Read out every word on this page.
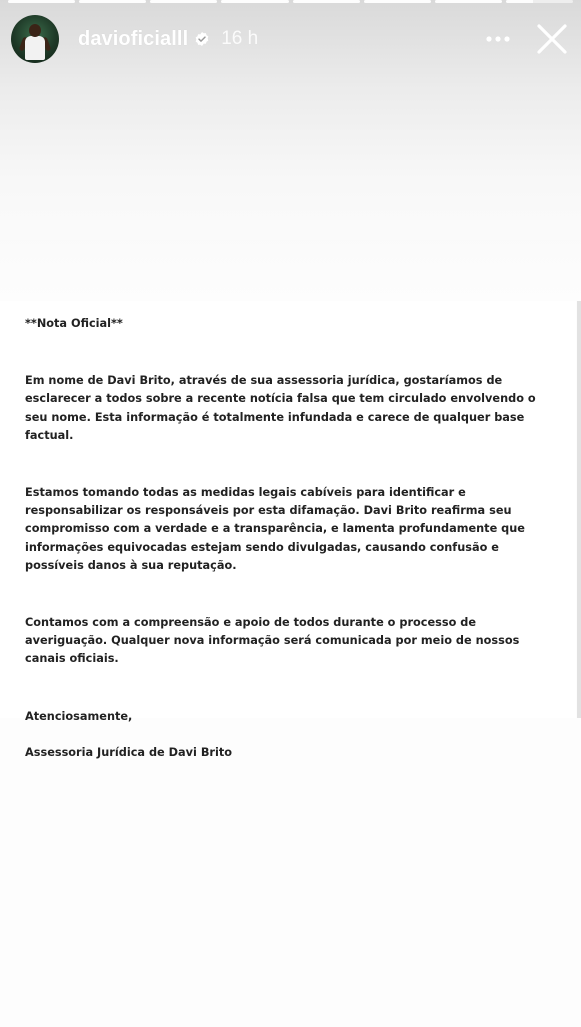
davioficialll 16 h

**Nota Oficial**

Em nome de Davi Brito, através de sua assessoria jurídica, gostaríamos de esclarecer a todos sobre a recente notícia falsa que tem circulado envolvendo o seu nome. Esta informação é totalmente infundada e carece de qualquer base factual.

Estamos tomando todas as medidas legais cabíveis para identificar e responsabilizar os responsáveis por esta difamação. Davi Brito reafirma seu compromisso com a verdade e a transparência, e lamenta profundamente que informações equivocadas estejam sendo divulgadas, causando confusão e possíveis danos à sua reputação.

Contamos com a compreensão e apoio de todos durante o processo de averiguação. Qualquer nova informação será comunicada por meio de nossos canais oficiais.

Atenciosamente,

Assessoria Jurídica de Davi Brito
